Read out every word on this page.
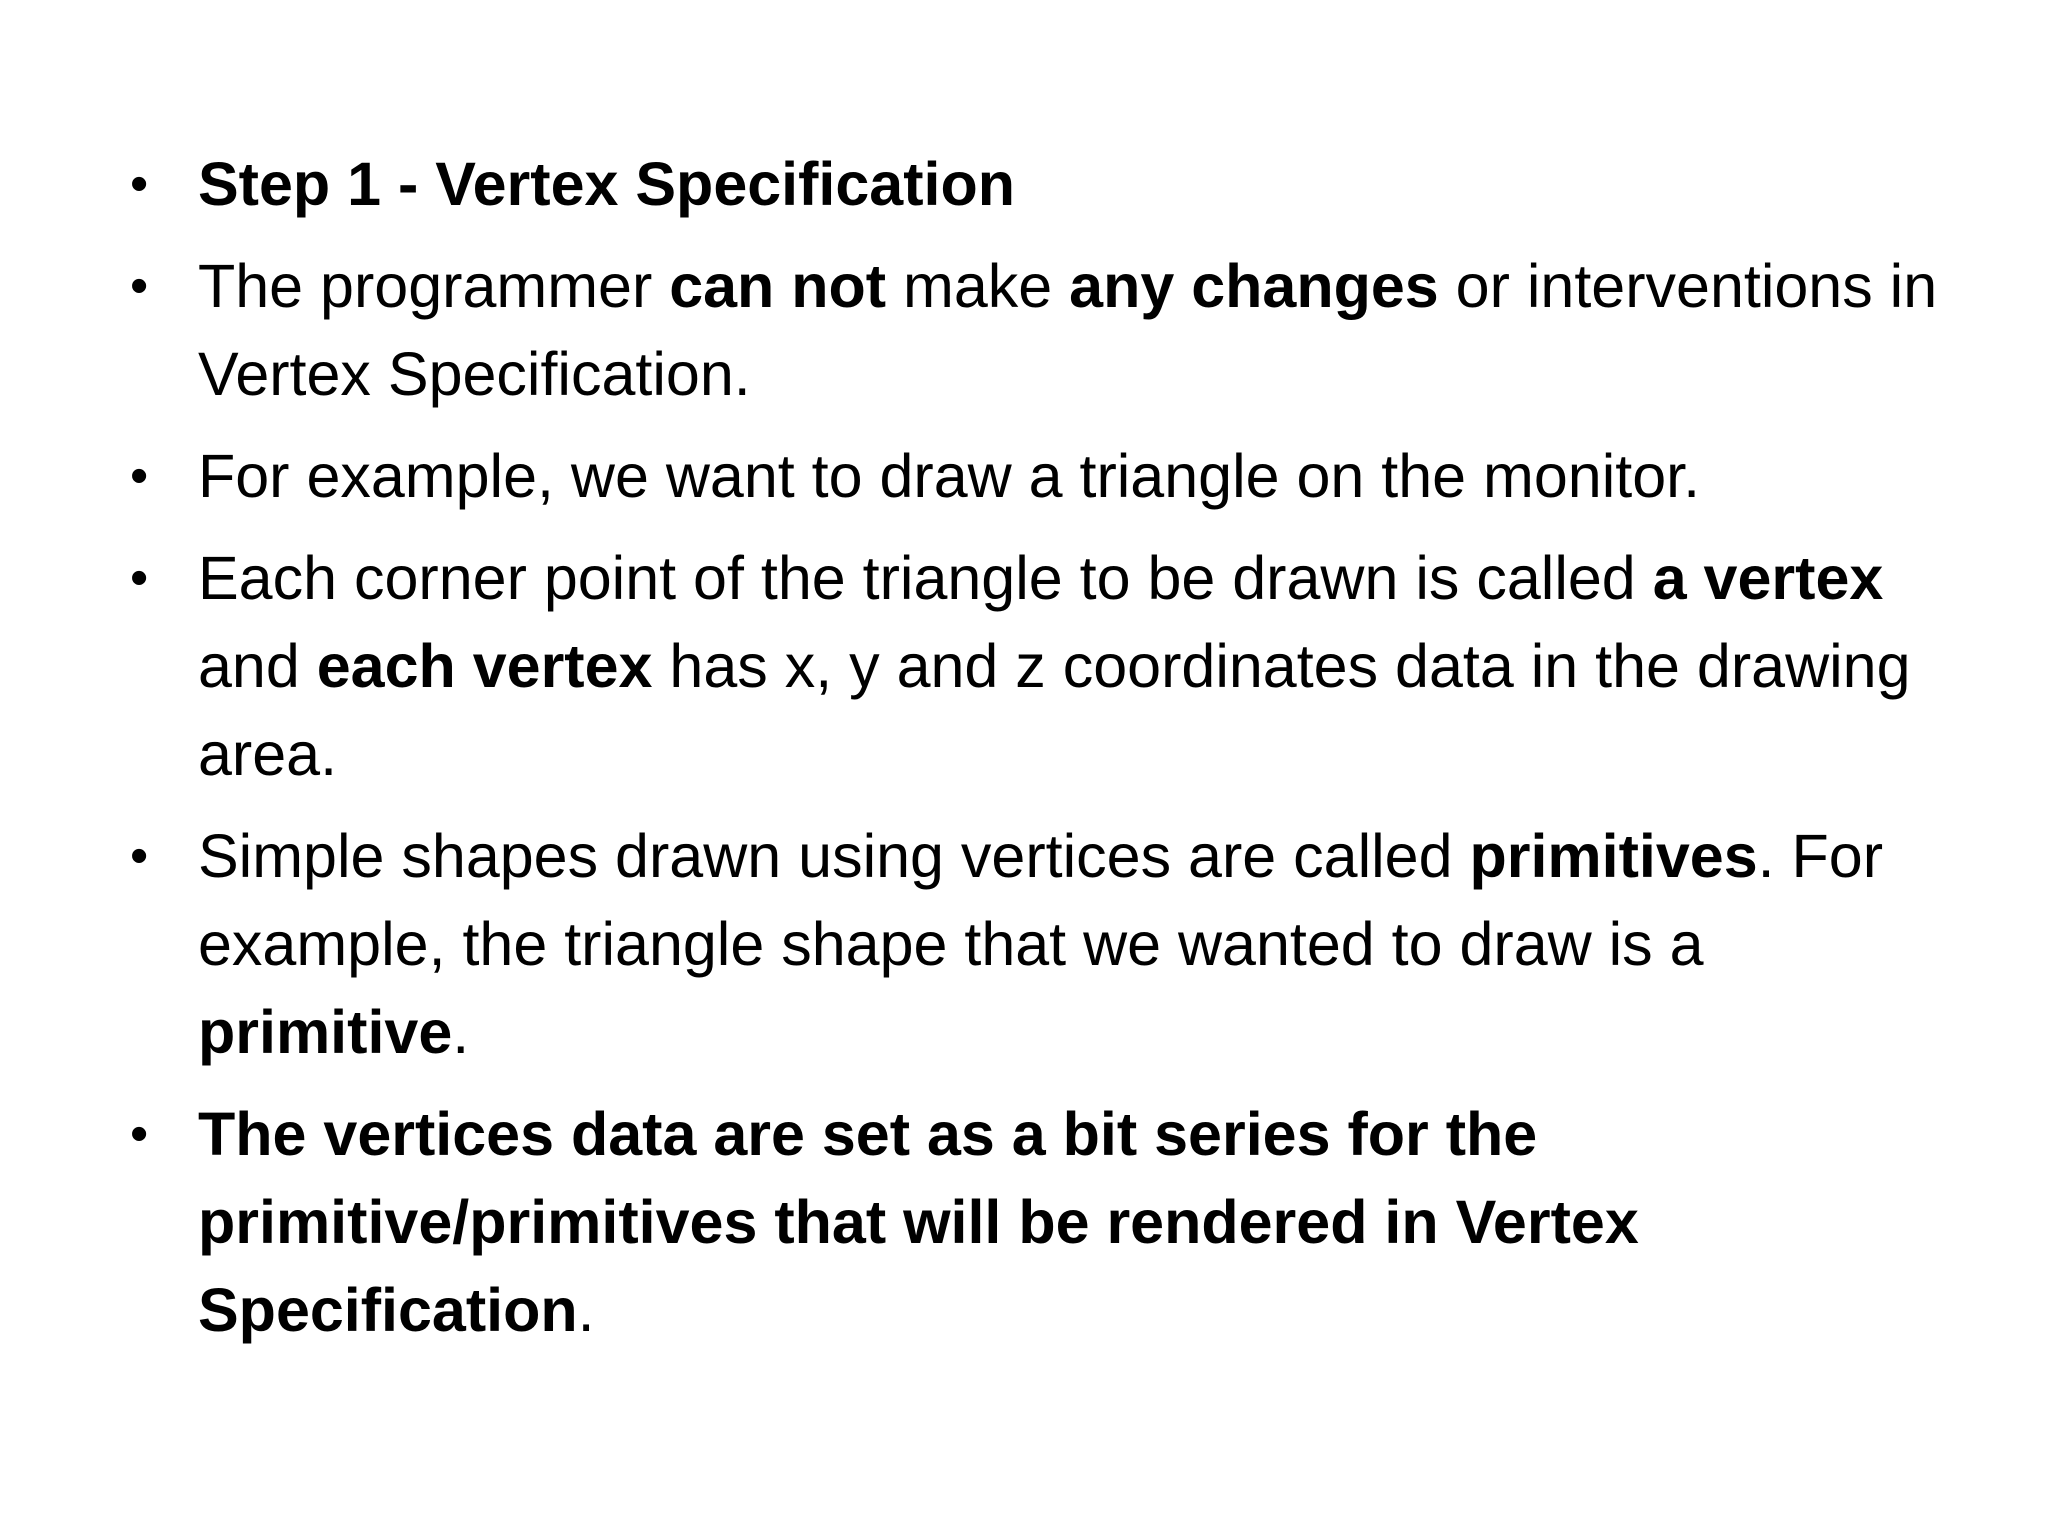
• Step 1 - Vertex Specification
• The programmer can not make any changes or interventions in Vertex Specification.
• For example, we want to draw a triangle on the monitor.
• Each corner point of the triangle to be drawn is called a vertex and each vertex has x, y and z coordinates data in the drawing area.
• Simple shapes drawn using vertices are called primitives. For example, the triangle shape that we wanted to draw is a primitive.
• The vertices data are set as a bit series for the primitive/primitives that will be rendered in Vertex Specification.
